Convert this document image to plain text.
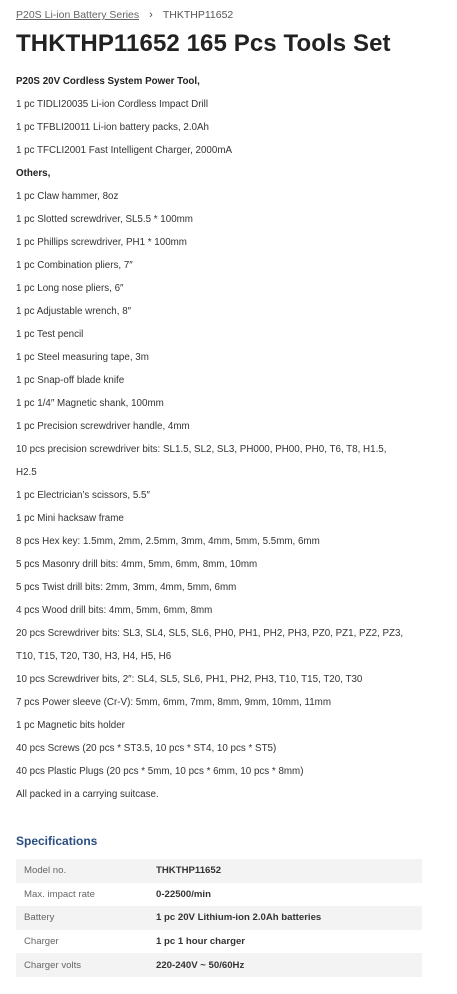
P20S Li-ion Battery Series › THKTHP11652
THKTHP11652 165 Pcs Tools Set

P20S 20V Cordless System Power Tool,

1 pc TIDLI20035 Li-ion Cordless Impact Drill

1 pc TFBLI20011 Li-ion battery packs, 2.0Ah

1 pc TFCLI2001 Fast Intelligent Charger, 2000mA

Others,

1 pc Claw hammer, 8oz

1 pc Slotted screwdriver, SL5.5 * 100mm

1 pc Phillips screwdriver, PH1 * 100mm

1 pc Combination pliers, 7″

1 pc Long nose pliers, 6″

1 pc Adjustable wrench, 8″

1 pc Test pencil

1 pc Steel measuring tape, 3m

1 pc Snap-off blade knife

1 pc 1/4″ Magnetic shank, 100mm

1 pc Precision screwdriver handle, 4mm

10 pcs precision screwdriver bits: SL1.5, SL2, SL3, PH000, PH00, PH0, T6, T8, H1.5,

H2.5

1 pc Electrician’s scissors, 5.5″

1 pc Mini hacksaw frame

8 pcs Hex key: 1.5mm, 2mm, 2.5mm, 3mm, 4mm, 5mm, 5.5mm, 6mm

5 pcs Masonry drill bits: 4mm, 5mm, 6mm, 8mm, 10mm

5 pcs Twist drill bits: 2mm, 3mm, 4mm, 5mm, 6mm

4 pcs Wood drill bits: 4mm, 5mm, 6mm, 8mm

20 pcs Screwdriver bits: SL3, SL4, SL5, SL6, PH0, PH1, PH2, PH3, PZ0, PZ1, PZ2, PZ3,

T10, T15, T20, T30, H3, H4, H5, H6

10 pcs Screwdriver bits, 2″: SL4, SL5, SL6, PH1, PH2, PH3, T10, T15, T20, T30

7 pcs Power sleeve (Cr-V): 5mm, 6mm, 7mm, 8mm, 9mm, 10mm, 11mm

1 pc Magnetic bits holder

40 pcs Screws (20 pcs * ST3.5, 10 pcs * ST4, 10 pcs * ST5)

40 pcs Plastic Plugs (20 pcs * 5mm, 10 pcs * 6mm, 10 pcs * 8mm)

All packed in a carrying suitcase.

Specifications
Model no.	THKTHP11652
Max. impact rate	0-22500/min
Battery	1 pc 20V Lithium-ion 2.0Ah batteries
Charger	1 pc 1 hour charger
Charger volts	220-240V ~ 50/60Hz
